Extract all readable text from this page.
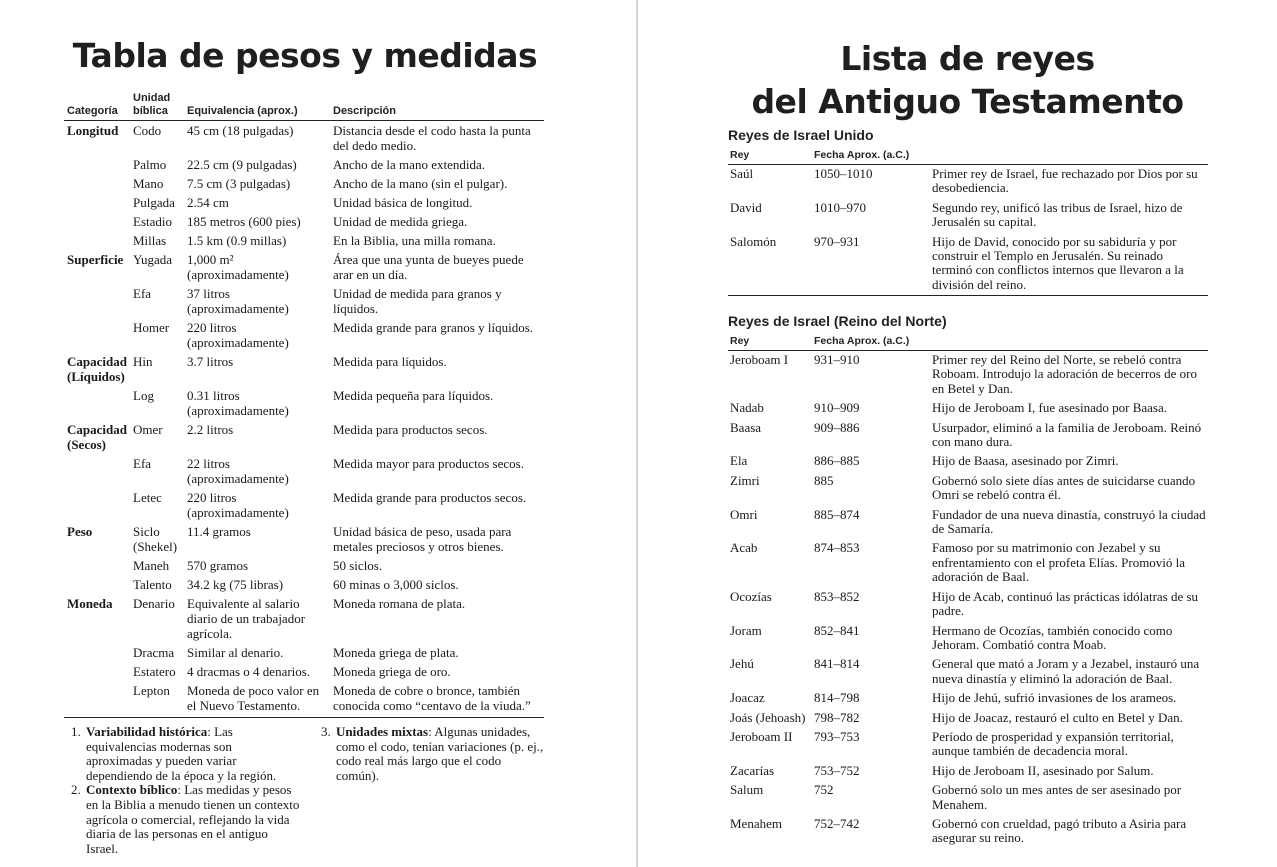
Tabla de pesos y medidas
Categoría	Unidad bíblica	Equivalencia (aprox.)	Descripción
Longitud	Codo	45 cm (18 pulgadas)	Distancia desde el codo hasta la punta del dedo medio.
	Palmo	22.5 cm (9 pulgadas)	Ancho de la mano extendida.
	Mano	7.5 cm (3 pulgadas)	Ancho de la mano (sin el pulgar).
	Pulgada	2.54 cm	Unidad básica de longitud.
	Estadio	185 metros (600 pies)	Unidad de medida griega.
	Millas	1.5 km (0.9 millas)	En la Biblia, una milla romana.
Superficie	Yugada	1,000 m² (aproximadamente)	Área que una yunta de bueyes puede arar en un día.
	Efa	37 litros (aproximadamente)	Unidad de medida para granos y líquidos.
	Homer	220 litros (aproximadamente)	Medida grande para granos y líquidos.
Capacidad (Líquidos)	Hin	3.7 litros	Medida para líquidos.
	Log	0.31 litros (aproximadamente)	Medida pequeña para líquidos.
Capacidad (Secos)	Omer	2.2 litros	Medida para productos secos.
	Efa	22 litros (aproximadamente)	Medida mayor para productos secos.
	Letec	220 litros (aproximadamente)	Medida grande para productos secos.
Peso	Siclo (Shekel)	11.4 gramos	Unidad básica de peso, usada para metales preciosos y otros bienes.
	Maneh	570 gramos	50 siclos.
	Talento	34.2 kg (75 libras)	60 minas o 3,000 siclos.
Moneda	Denario	Equivalente al salario diario de un trabajador agrícola.	Moneda romana de plata.
	Dracma	Similar al denario.	Moneda griega de plata.
	Estatero	4 dracmas o 4 denarios.	Moneda griega de oro.
	Lepton	Moneda de poco valor en el Nuevo Testamento.	Moneda de cobre o bronce, también conocida como “centavo de la viuda.”
1. Variabilidad histórica: Las equivalencias modernas son aproximadas y pueden variar dependiendo de la época y la región.
2. Contexto bíblico: Las medidas y pesos en la Biblia a menudo tienen un contexto agrícola o comercial, reflejando la vida diaria de las personas en el antiguo Israel.
3. Unidades mixtas: Algunas unidades, como el codo, tenían variaciones (p. ej., codo real más largo que el codo común).
Lista de reyes
del Antiguo Testamento
Reyes de Israel Unido
Rey	Fecha Aprox. (a.C.)	
Saúl	1050–1010	Primer rey de Israel, fue rechazado por Dios por su desobediencia.
David	1010–970	Segundo rey, unificó las tribus de Israel, hizo de Jerusalén su capital.
Salomón	970–931	Hijo de David, conocido por su sabiduría y por construir el Templo en Jerusalén. Su reinado terminó con conflictos internos que llevaron a la división del reino.
Reyes de Israel (Reino del Norte)
Rey	Fecha Aprox. (a.C.)	
Jeroboam I	931–910	Primer rey del Reino del Norte, se rebeló contra Roboam. Introdujo la adoración de becerros de oro en Betel y Dan.
Nadab	910–909	Hijo de Jeroboam I, fue asesinado por Baasa.
Baasa	909–886	Usurpador, eliminó a la familia de Jeroboam. Reinó con mano dura.
Ela	886–885	Hijo de Baasa, asesinado por Zimri.
Zimri	885	Gobernó solo siete días antes de suicidarse cuando Omri se rebeló contra él.
Omri	885–874	Fundador de una nueva dinastía, construyó la ciudad de Samaría.
Acab	874–853	Famoso por su matrimonio con Jezabel y su enfrentamiento con el profeta Elías. Promovió la adoración de Baal.
Ocozías	853–852	Hijo de Acab, continuó las prácticas idólatras de su padre.
Joram	852–841	Hermano de Ocozías, también conocido como Jehoram. Combatió contra Moab.
Jehú	841–814	General que mató a Joram y a Jezabel, instauró una nueva dinastía y eliminó la adoración de Baal.
Joacaz	814–798	Hijo de Jehú, sufrió invasiones de los arameos.
Joás (Jehoash)	798–782	Hijo de Joacaz, restauró el culto en Betel y Dan.
Jeroboam II	793–753	Período de prosperidad y expansión territorial, aunque también de decadencia moral.
Zacarías	753–752	Hijo de Jeroboam II, asesinado por Salum.
Salum	752	Gobernó solo un mes antes de ser asesinado por Menahem.
Menahem	752–742	Gobernó con crueldad, pagó tributo a Asiria para asegurar su reino.
